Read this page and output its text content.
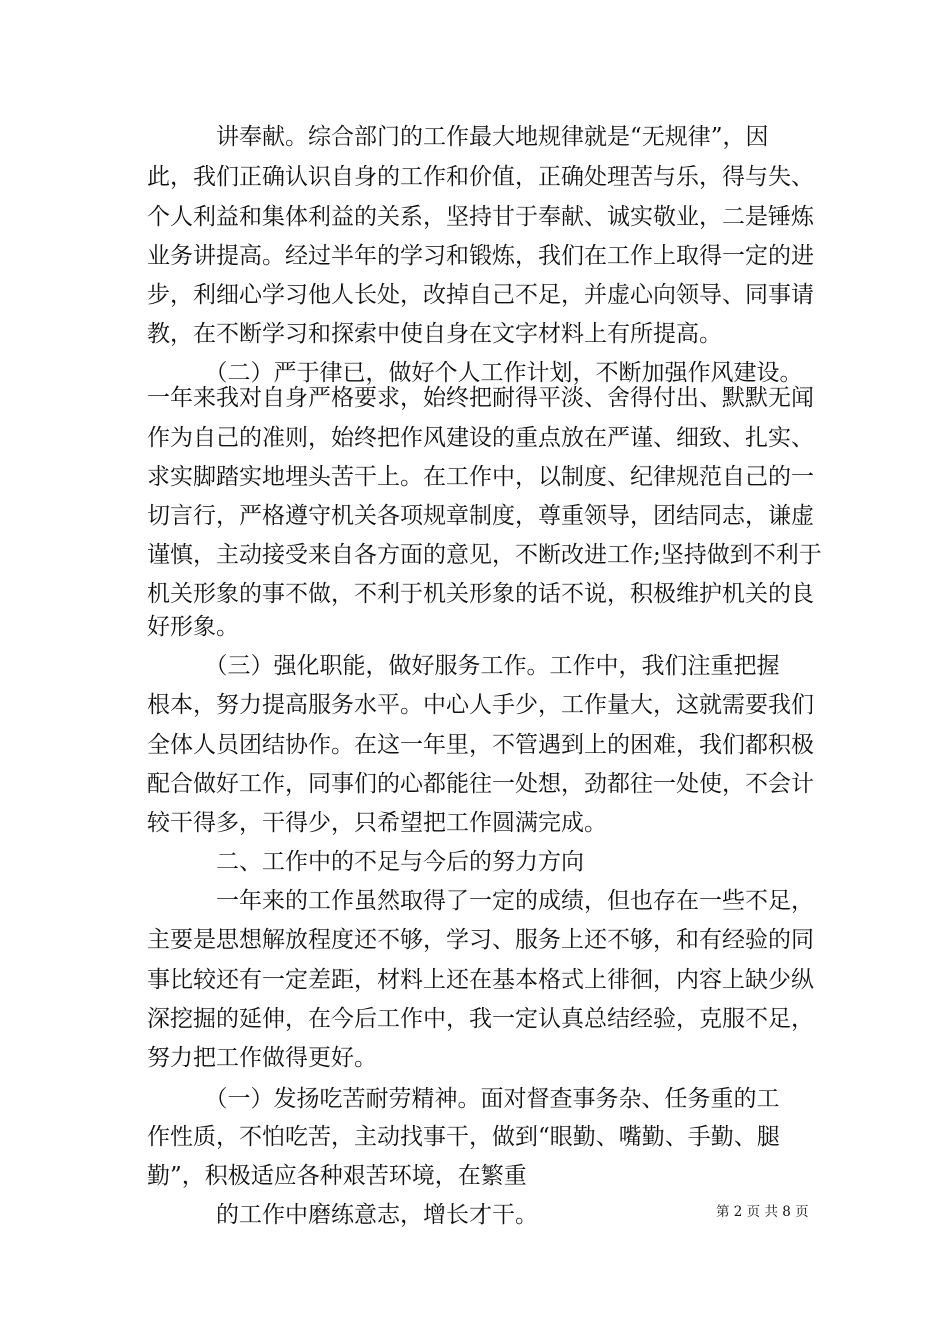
　　　讲奉献。综合部门的工作最大地规律就是“无规律”，因

此，我们正确认识自身的工作和价值，正确处理苦与乐，得与失、

个人利益和集体利益的关系，坚持甘于奉献、诚实敬业，二是锤炼

业务讲提高。经过半年的学习和锻炼，我们在工作上取得一定的进

步，利细心学习他人长处，改掉自己不足，并虚心向领导、同事请

教，在不断学习和探索中使自身在文字材料上有所提高。

　　　（二）严于律已，做好个人工作计划，不断加强作风建设。

一年来我对自身严格要求，始终把耐得平淡、舍得付出、默默无闻

作为自己的准则，始终把作风建设的重点放在严谨、细致、扎实、

求实脚踏实地埋头苦干上。在工作中，以制度、纪律规范自己的一

切言行，严格遵守机关各项规章制度，尊重领导，团结同志，谦虚

谨慎，主动接受来自各方面的意见，不断改进工作;坚持做到不利于

机关形象的事不做，不利于机关形象的话不说，积极维护机关的良

好形象。

　　　（三）强化职能，做好服务工作。工作中，我们注重把握

根本，努力提高服务水平。中心人手少，工作量大，这就需要我们

全体人员团结协作。在这一年里，不管遇到上的困难，我们都积极

配合做好工作，同事们的心都能往一处想，劲都往一处使，不会计

较干得多，干得少，只希望把工作圆满完成。

　　　二、工作中的不足与今后的努力方向

　　　一年来的工作虽然取得了一定的成绩，但也存在一些不足，

主要是思想解放程度还不够，学习、服务上还不够，和有经验的同

事比较还有一定差距，材料上还在基本格式上徘徊，内容上缺少纵

深挖掘的延伸，在今后工作中，我一定认真总结经验，克服不足，

努力把工作做得更好。

　　　（一）发扬吃苦耐劳精神。面对督查事务杂、任务重的工

作性质，不怕吃苦，主动找事干，做到“眼勤、嘴勤、手勤、腿

勤”，积极适应各种艰苦环境，在繁重

　　　的工作中磨练意志，增长才干。	第 2 页 共 8 页
